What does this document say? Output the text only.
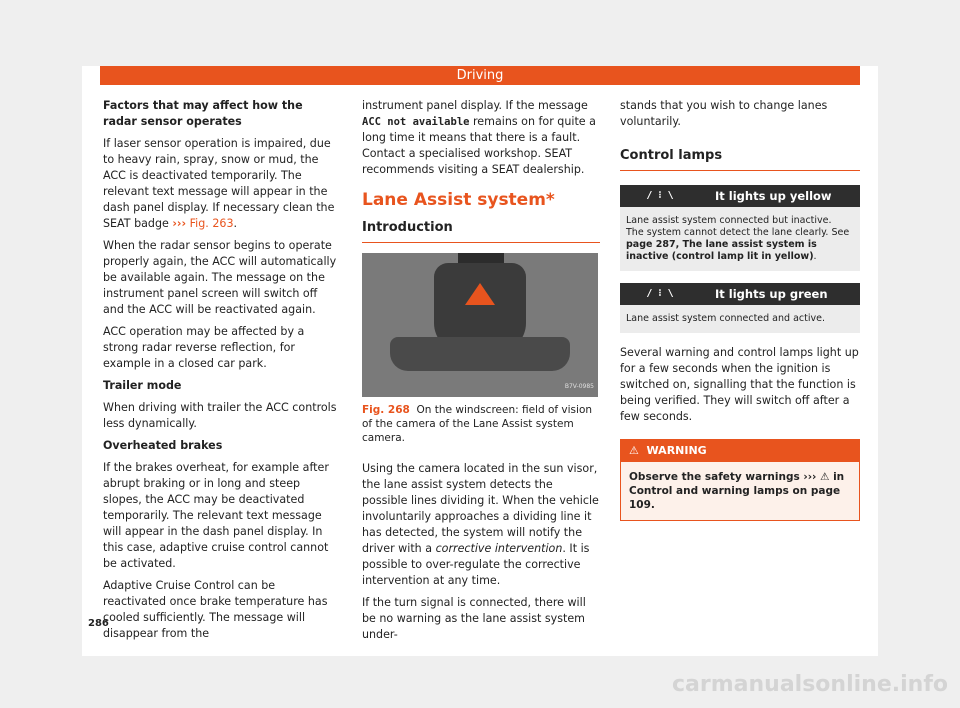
Driving

Factors that may affect how the radar sensor operates

If laser sensor operation is impaired, due to heavy rain, spray, snow or mud, the ACC is deactivated temporarily. The relevant text message will appear in the dash panel display. If necessary clean the SEAT badge ››› Fig. 263.

When the radar sensor begins to operate properly again, the ACC will automatically be available again. The message on the instrument panel screen will switch off and the ACC will be reactivated again.

ACC operation may be affected by a strong radar reverse reflection, for example in a closed car park.

Trailer mode

When driving with trailer the ACC controls less dynamically.

Overheated brakes

If the brakes overheat, for example after abrupt braking or in long and steep slopes, the ACC may be deactivated temporarily. The relevant text message will appear in the dash panel display. In this case, adaptive cruise control cannot be activated.

Adaptive Cruise Control can be reactivated once brake temperature has cooled sufficiently. The message will disappear from the

instrument panel display. If the message ACC not available remains on for quite a long time it means that there is a fault. Contact a specialised workshop. SEAT recommends visiting a SEAT dealership.

Lane Assist system*
Introduction
B7V-0985
Fig. 268 On the windscreen: field of vision of the camera of the Lane Assist system camera.

Using the camera located in the sun visor, the lane assist system detects the possible lines dividing it. When the vehicle involuntarily approaches a dividing line it has detected, the system will notify the driver with a corrective intervention. It is possible to over-regulate the corrective intervention at any time.

If the turn signal is connected, there will be no warning as the lane assist system under-

stands that you wish to change lanes voluntarily.

Control lamps
/ ⁝ \	It lights up yellow
Lane assist system connected but inactive.
The system cannot detect the lane clearly. See page 287, The lane assist system is inactive (control lamp lit in yellow).
/ ⁝ \	It lights up green
Lane assist system connected and active.

Several warning and control lamps light up for a few seconds when the ignition is switched on, signalling that the function is being verified. They will switch off after a few seconds.

⚠ WARNING
Observe the safety warnings ››› ⚠ in Control and warning lamps on page 109.
286
carmanualsonline.info
